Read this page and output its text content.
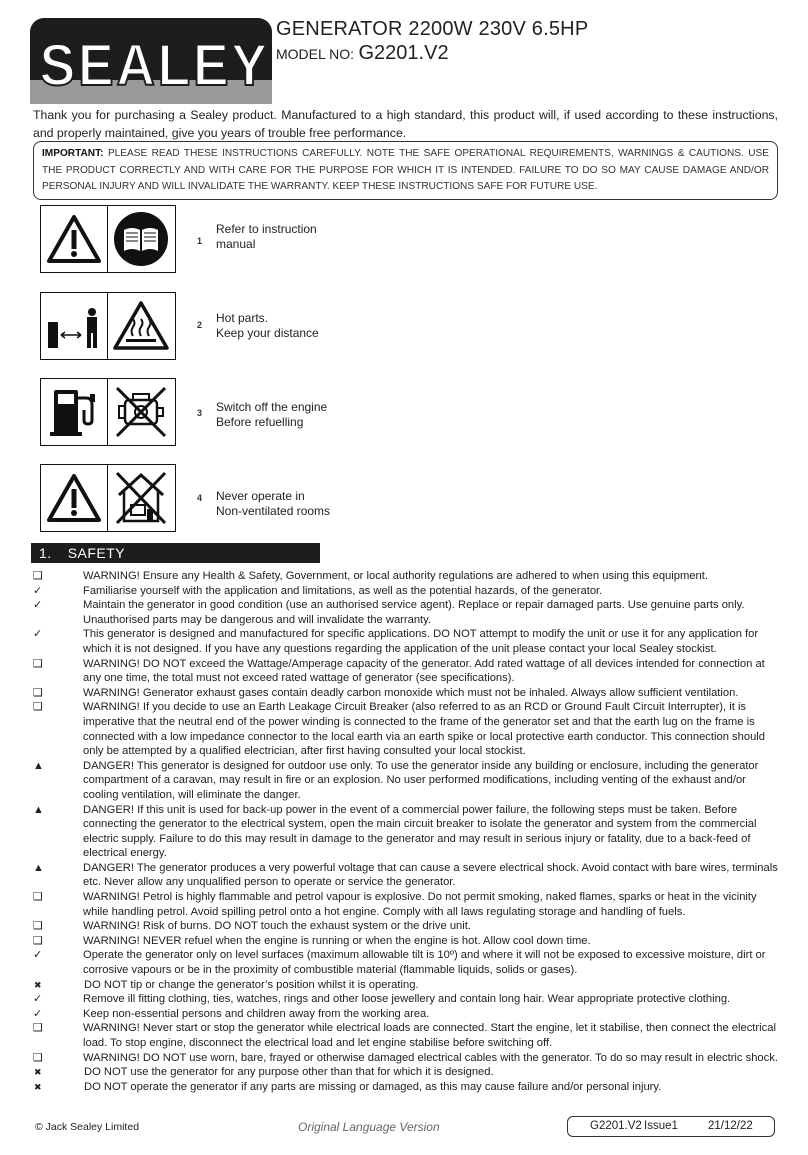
SEALEY
GENERATOR 2200W 230V 6.5HP
MODEL NO: G2201.V2
Thank you for purchasing a Sealey product. Manufactured to a high standard, this product will, if used according to these instructions, and properly maintained, give you years of trouble free performance.
IMPORTANT: PLEASE READ THESE INSTRUCTIONS CAREFULLY. NOTE THE SAFE OPERATIONAL REQUIREMENTS, WARNINGS & CAUTIONS. USE THE PRODUCT CORRECTLY AND WITH CARE FOR THE PURPOSE FOR WHICH IT IS INTENDED. FAILURE TO DO SO MAY CAUSE DAMAGE AND/OR PERSONAL INJURY AND WILL INVALIDATE THE WARRANTY. KEEP THESE INSTRUCTIONS SAFE FOR FUTURE USE.
1
Refer to instruction
manual
2 Hot parts.
Keep your distance
3 Switch off the engine
Before refuelling
4 Never operate in
Non-ventilated rooms
1. SAFETY
❑	WARNING! Ensure any Health & Safety, Government, or local authority regulations are adhered to when using this equipment.
✓	Familiarise yourself with the application and limitations, as well as the potential hazards, of the generator.
✓	Maintain the generator in good condition (use an authorised service agent). Replace or repair damaged parts. Use genuine parts only. Unauthorised parts may be dangerous and will invalidate the warranty.
✓	This generator is designed and manufactured for specific applications. DO NOT attempt to modify the unit or use it for any application for which it is not designed. If you have any questions regarding the application of the unit please contact your local Sealey stockist.
❑	WARNING! DO NOT exceed the Wattage/Amperage capacity of the generator. Add rated wattage of all devices intended for connection at any one time, the total must not exceed rated wattage of generator (see specifications).
❑	WARNING! Generator exhaust gases contain deadly carbon monoxide which must not be inhaled. Always allow sufficient ventilation.
❑	WARNING! If you decide to use an Earth Leakage Circuit Breaker (also referred to as an RCD or Ground Fault Circuit Interrupter), it is imperative that the neutral end of the power winding is connected to the frame of the generator set and that the earth lug on the frame is connected with a low impedance connector to the local earth via an earth spike or local protective earth conductor. This connection should only be attempted by a qualified electrician, after first having consulted your local stockist.
▲	DANGER! This generator is designed for outdoor use only. To use the generator inside any building or enclosure, including the generator compartment of a caravan, may result in fire or an explosion. No user performed modifications, including venting of the exhaust and/or cooling ventilation, will eliminate the danger.
▲	DANGER! If this unit is used for back-up power in the event of a commercial power failure, the following steps must be taken. Before connecting the generator to the electrical system, open the main circuit breaker to isolate the generator and system from the commercial electric supply. Failure to do this may result in damage to the generator and may result in serious injury or fatality, due to a back-feed of electrical energy.
▲	DANGER! The generator produces a very powerful voltage that can cause a severe electrical shock. Avoid contact with bare wires, terminals etc. Never allow any unqualified person to operate or service the generator.
❑	WARNING! Petrol is highly flammable and petrol vapour is explosive. Do not permit smoking, naked flames, sparks or heat in the vicinity while handling petrol. Avoid spilling petrol onto a hot engine. Comply with all laws regulating storage and handling of fuels.
❑	WARNING! Risk of burns. DO NOT touch the exhaust system or the drive unit.
❑	WARNING! NEVER refuel when the engine is running or when the engine is hot. Allow cool down time.
✓	Operate the generator only on level surfaces (maximum allowable tilt is 10º) and where it will not be exposed to excessive moisture, dirt or corrosive vapours or be in the proximity of combustible material (flammable liquids, solids or gases).
✖	DO NOT tip or change the generator’s position whilst it is operating.
✓	Remove ill fitting clothing, ties, watches, rings and other loose jewellery and contain long hair. Wear appropriate protective clothing.
✓	Keep non-essential persons and children away from the working area.
❑	WARNING! Never start or stop the generator while electrical loads are connected. Start the engine, let it stabilise, then connect the electrical load. To stop engine, disconnect the electrical load and let engine stabilise before switching off.
❑	WARNING! DO NOT use worn, bare, frayed or otherwise damaged electrical cables with the generator. To do so may result in electric shock.
✖	DO NOT use the generator for any purpose other than that for which it is designed.
✖	DO NOT operate the generator if any parts are missing or damaged, as this may cause failure and/or personal injury.
© Jack Sealey Limited	Original Language Version	G2201.V2 Issue1	21/12/22
